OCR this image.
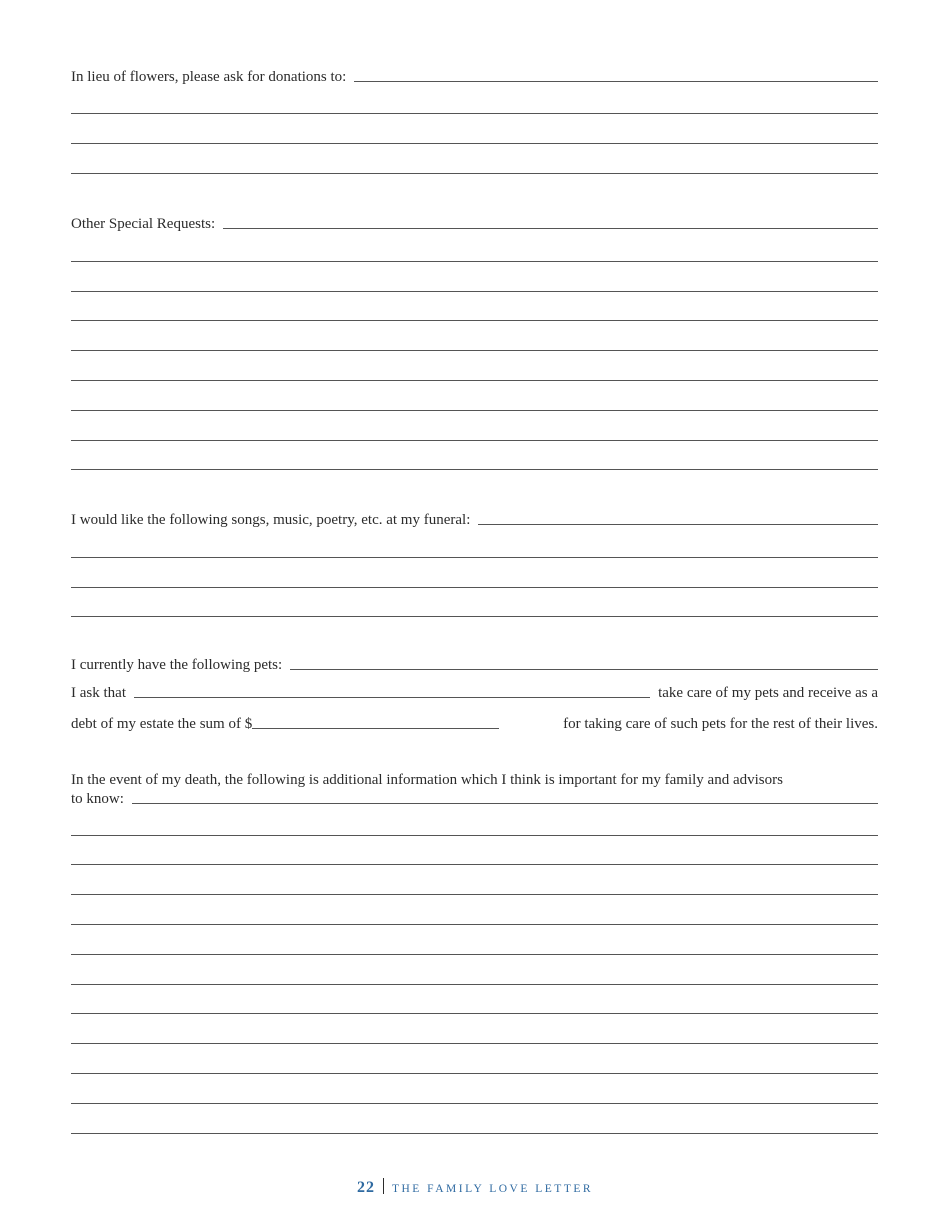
In lieu of flowers, please ask for donations to:
Other Special Requests:
I would like the following songs, music, poetry, etc. at my funeral:
I currently have the following pets:
I ask that	take care of my pets and receive as a
debt of my estate the sum of $	for taking care of such pets for the rest of their lives.
In the event of my death, the following is additional information which I think is important for my family and advisors
to know:
22 THE FAMILY LOVE LETTER
